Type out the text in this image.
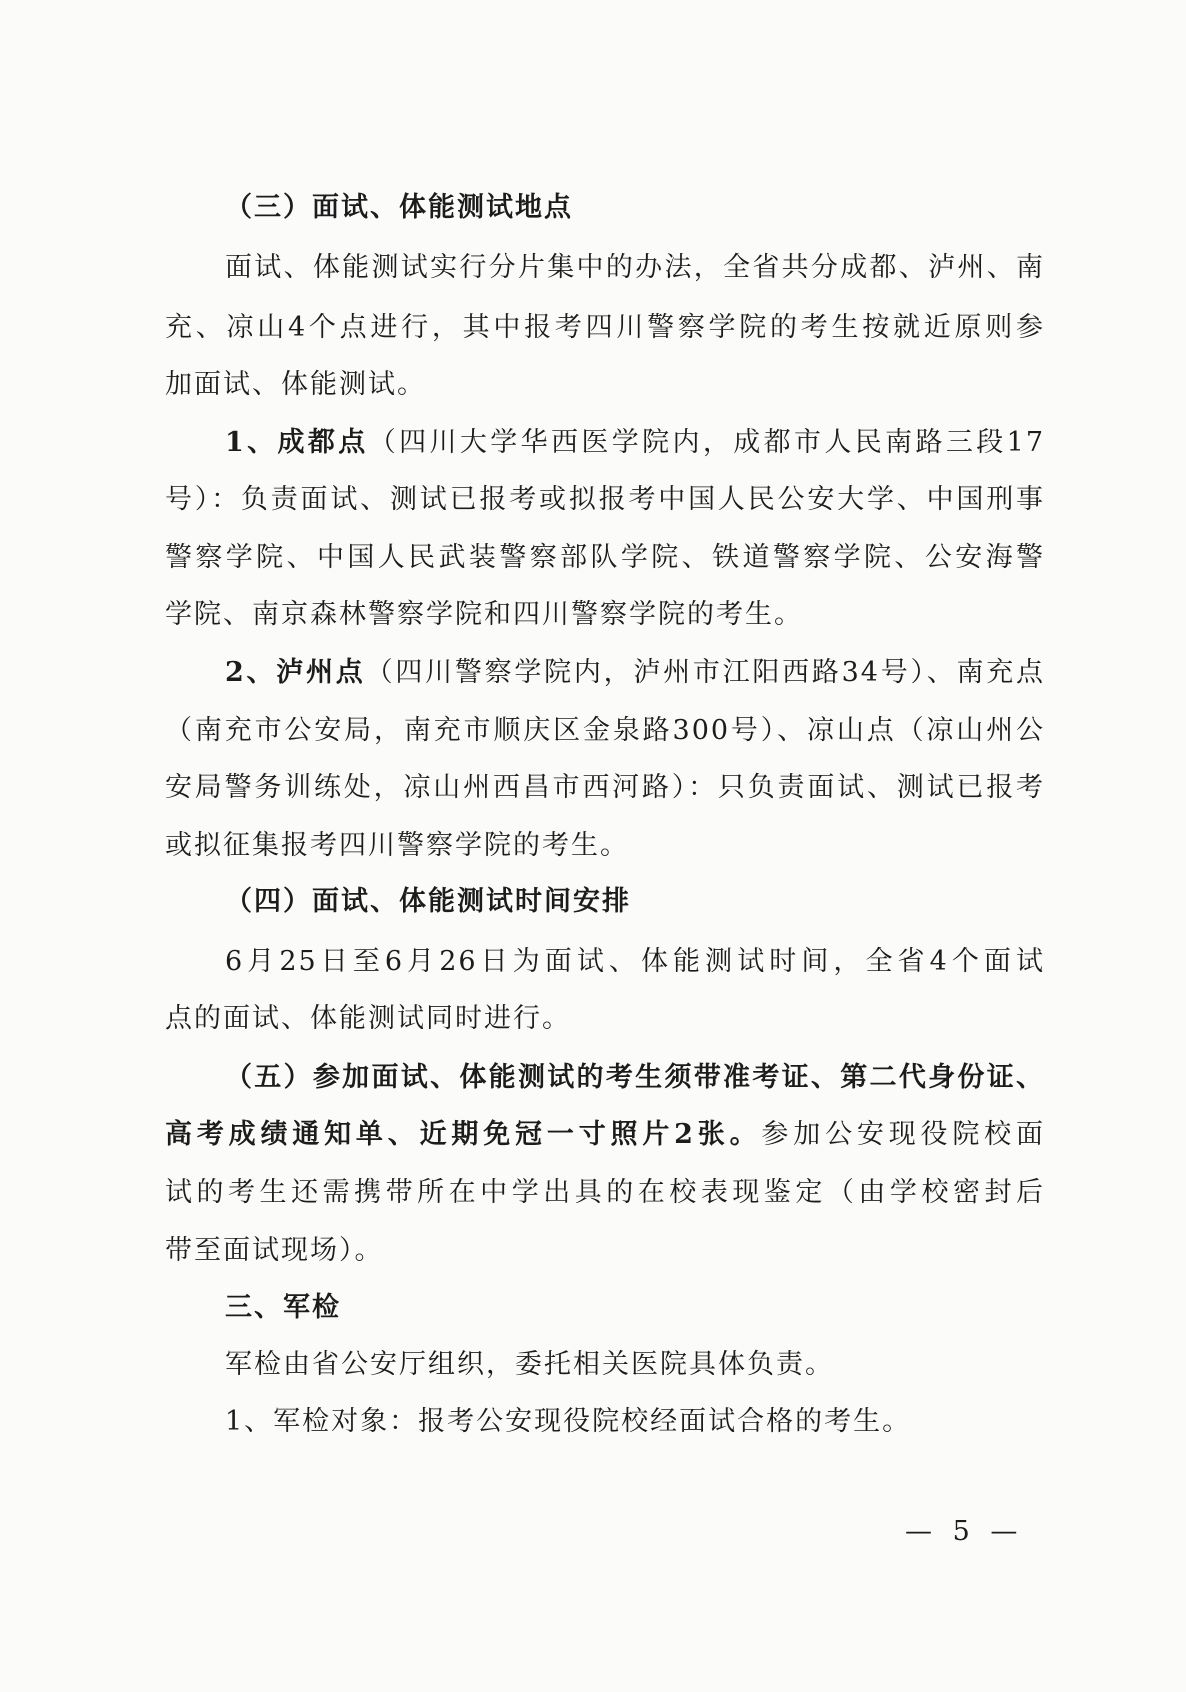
（三）面试、体能测试地点
面试、体能测试实行分片集中的办法，全省共分成都、泸州、南
充、凉山4个点进行，其中报考四川警察学院的考生按就近原则参
加面试、体能测试。
1、成都点（四川大学华西医学院内，成都市人民南路三段17
号）：负责面试、测试已报考或拟报考中国人民公安大学、中国刑事
警察学院、中国人民武装警察部队学院、铁道警察学院、公安海警
学院、南京森林警察学院和四川警察学院的考生。
2、泸州点（四川警察学院内，泸州市江阳西路34号）、南充点
（南充市公安局，南充市顺庆区金泉路300号）、凉山点（凉山州公
安局警务训练处，凉山州西昌市西河路）：只负责面试、测试已报考
或拟征集报考四川警察学院的考生。
（四）面试、体能测试时间安排
6月25日至6月26日为面试、体能测试时间，全省4个面试
点的面试、体能测试同时进行。
（五）参加面试、体能测试的考生须带准考证、第二代身份证、
高考成绩通知单、近期免冠一寸照片2张。参加公安现役院校面
试的考生还需携带所在中学出具的在校表现鉴定（由学校密封后
带至面试现场）。
三、军检
军检由省公安厅组织，委托相关医院具体负责。
1、军检对象：报考公安现役院校经面试合格的考生。
— 5 —
